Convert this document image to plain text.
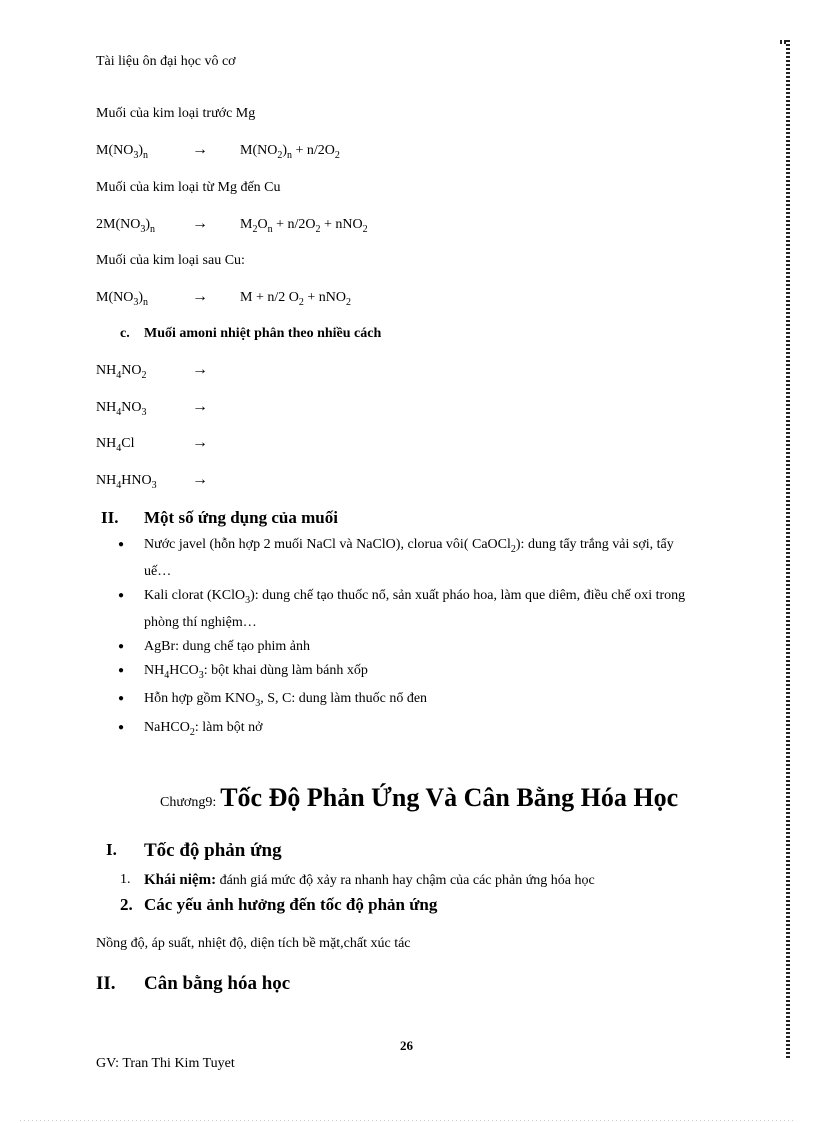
Tài liệu ôn đại học vô cơ
Muối của kim loại trước Mg
$M(NO_3)_n$	→ $M(NO_2)_n + n/2O_2$
Muối của kim loại từ Mg đến Cu
$2M(NO_3)_n \to M_2O_n + n/2O_2 + nNO_2$
Muối của kim loại sau Cu:
$M(NO_3)_n$	→ M + n/2 $O_2 + nNO_2$
c. Muối amoni nhiệt phân theo nhiều cách
$NH_4NO_2$	→
$NH_4NO_3$	→
$NH_4Cl$	→
$NH_4HNO_3$ →
II. Một số ứng dụng của muối
● Nước javel (hỗn hợp 2 muối NaCl và NaClO), clorua vôi( CaOCl$_2$): dung tẩy trắng vải sợi, tẩy uế…
● Kali clorat (KClO$_3$): dung chế tạo thuốc nổ, sản xuất pháo hoa, làm que diêm, điều chế oxi trong phòng thí nghiệm…
● AgBr: dung chế tạo phim ảnh
● $NH_4HCO_3$: bột khai dùng làm bánh xốp
● Hỗn hợp gồm $KNO_3$, S, C: dung làm thuốc nổ đen
● NaHCO$_2$: làm bột nở
Chương9: Tốc Độ Phản Ứng Và Cân Bằng Hóa Học
I. Tốc độ phản ứng
1. Khái niệm: đánh giá mức độ xảy ra nhanh hay chậm của các phản ứng hóa học
2. Các yếu ảnh hưởng đến tốc độ phản ứng
Nồng độ, áp suất, nhiệt độ, diện tích bề mặt,chất xúc tác
II. Cân bằng hóa học
26
GV: Tran Thi Kim Tuyet
